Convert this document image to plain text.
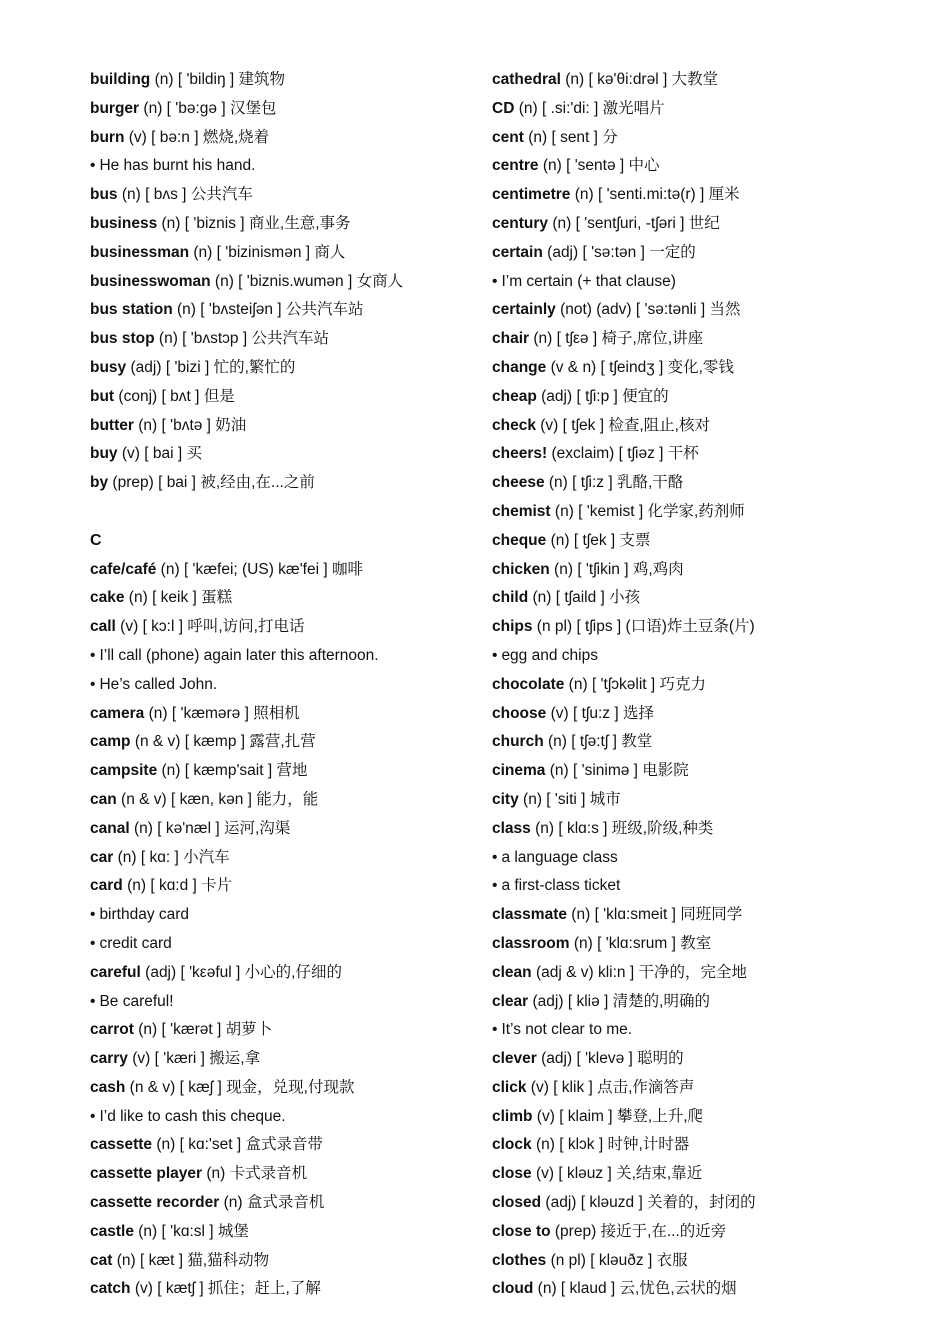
building (n) [ 'bildiŋ ] 建筑物
burger (n) [ 'bə:gə ] 汉堡包
burn (v) [ bə:n ] 燃烧,烧着
• He has burnt his hand.
bus (n) [ bʌs ] 公共汽车
business (n) [ 'biznis ] 商业,生意,事务
businessman (n) [ 'bizinismən ] 商人
businesswoman (n) [ 'biznis.wumən ] 女商人
bus station (n) [ 'bʌsteiʃən ] 公共汽车站
bus stop (n) [ 'bʌstɔp ] 公共汽车站
busy (adj) [ 'bizi ] 忙的,繁忙的
but (conj) [ bʌt ] 但是
butter (n) [ 'bʌtə ] 奶油
buy (v) [ bai ] 买
by (prep) [ bai ] 被,经由,在...之前
C
cafe/café (n) [ 'kæfei; (US) kæ'fei ] 咖啡
cake (n) [ keik ] 蛋糕
call (v) [ kɔ:l ] 呼叫,访问,打电话
• I’ll call (phone) again later this afternoon.
• He’s called John.
camera (n) [ 'kæmərə ] 照相机
camp (n & v) [ kæmp ] 露营,扎营
campsite (n) [ kæmp'sait ] 营地
can (n & v) [ kæn, kən ] 能力，能
canal (n) [ kə'næl ] 运河,沟渠
car (n) [ kɑ: ] 小汽车
card (n) [ kɑ:d ] 卡片
• birthday card
• credit card
careful (adj) [ 'kεəful ] 小心的,仔细的
• Be careful!
carrot (n) [ 'kærət ] 胡萝卜
carry (v) [ 'kæri ] 搬运,拿
cash (n & v) [ kæʃ ] 现金，兑现,付现款
• I’d like to cash this cheque.
cassette (n) [ kɑ:'set ] 盒式录音带
cassette player (n) 卡式录音机
cassette recorder (n) 盒式录音机
castle (n) [ 'kɑ:sl ] 城堡
cat (n) [ kæt ] 猫,猫科动物
catch (v) [ kætʃ ] 抓住；赶上,了解
cathedral (n) [ kə'θi:drəl ] 大教堂
CD (n) [ .si:'di: ] 激光唱片
cent (n) [ sent ] 分
centre (n) [ 'sentə ] 中心
centimetre (n) [ 'senti.mi:tə(r) ] 厘米
century (n) [ 'sentʃuri, -tʃəri ] 世纪
certain (adj) [ 'sə:tən ] 一定的
• I’m certain (+ that clause)
certainly (not) (adv) [ 'sə:tənli ] 当然
chair (n) [ tʃεə ] 椅子,席位,讲座
change (v & n) [ tʃeindʒ ] 变化,零钱
cheap (adj) [ tʃi:p ] 便宜的
check (v) [ tʃek ] 检查,阻止,核对
cheers! (exclaim) [ tʃiəz ] 干杯
cheese (n) [ tʃi:z ] 乳酪,干酪
chemist (n) [ 'kemist ] 化学家,药剂师
cheque (n) [ tʃek ] 支票
chicken (n) [ 'tʃikin ] 鸡,鸡肉
child (n) [ tʃaild ] 小孩
chips (n pl) [ tʃips ] (口语)炸土豆条(片)
• egg and chips
chocolate (n) [ 'tʃɔkəlit ] 巧克力
choose (v) [ tʃu:z ] 选择
church (n) [ tʃə:tʃ ] 教堂
cinema (n) [ 'sinimə ] 电影院
city (n) [ 'siti ] 城市
class (n) [ klɑ:s ] 班级,阶级,种类
• a language class
• a first-class ticket
classmate (n) [ 'klɑ:smeit ] 同班同学
classroom (n) [ 'klɑ:srum ] 教室
clean (adj & v) kli:n ] 干净的，完全地
clear (adj) [ kliə ] 清楚的,明确的
• It’s not clear to me.
clever (adj) [ 'klevə ] 聪明的
click (v) [ klik ] 点击,作滴答声
climb (v) [ klaim ] 攀登,上升,爬
clock (n) [ klɔk ] 时钟,计时器
close (v) [ kləuz ] 关,结束,靠近
closed (adj) [ kləuzd ] 关着的，封闭的
close to (prep) 接近于,在...的近旁
clothes (n pl) [ kləuðz ] 衣服
cloud (n) [ klaud ] 云,忧色,云状的烟
